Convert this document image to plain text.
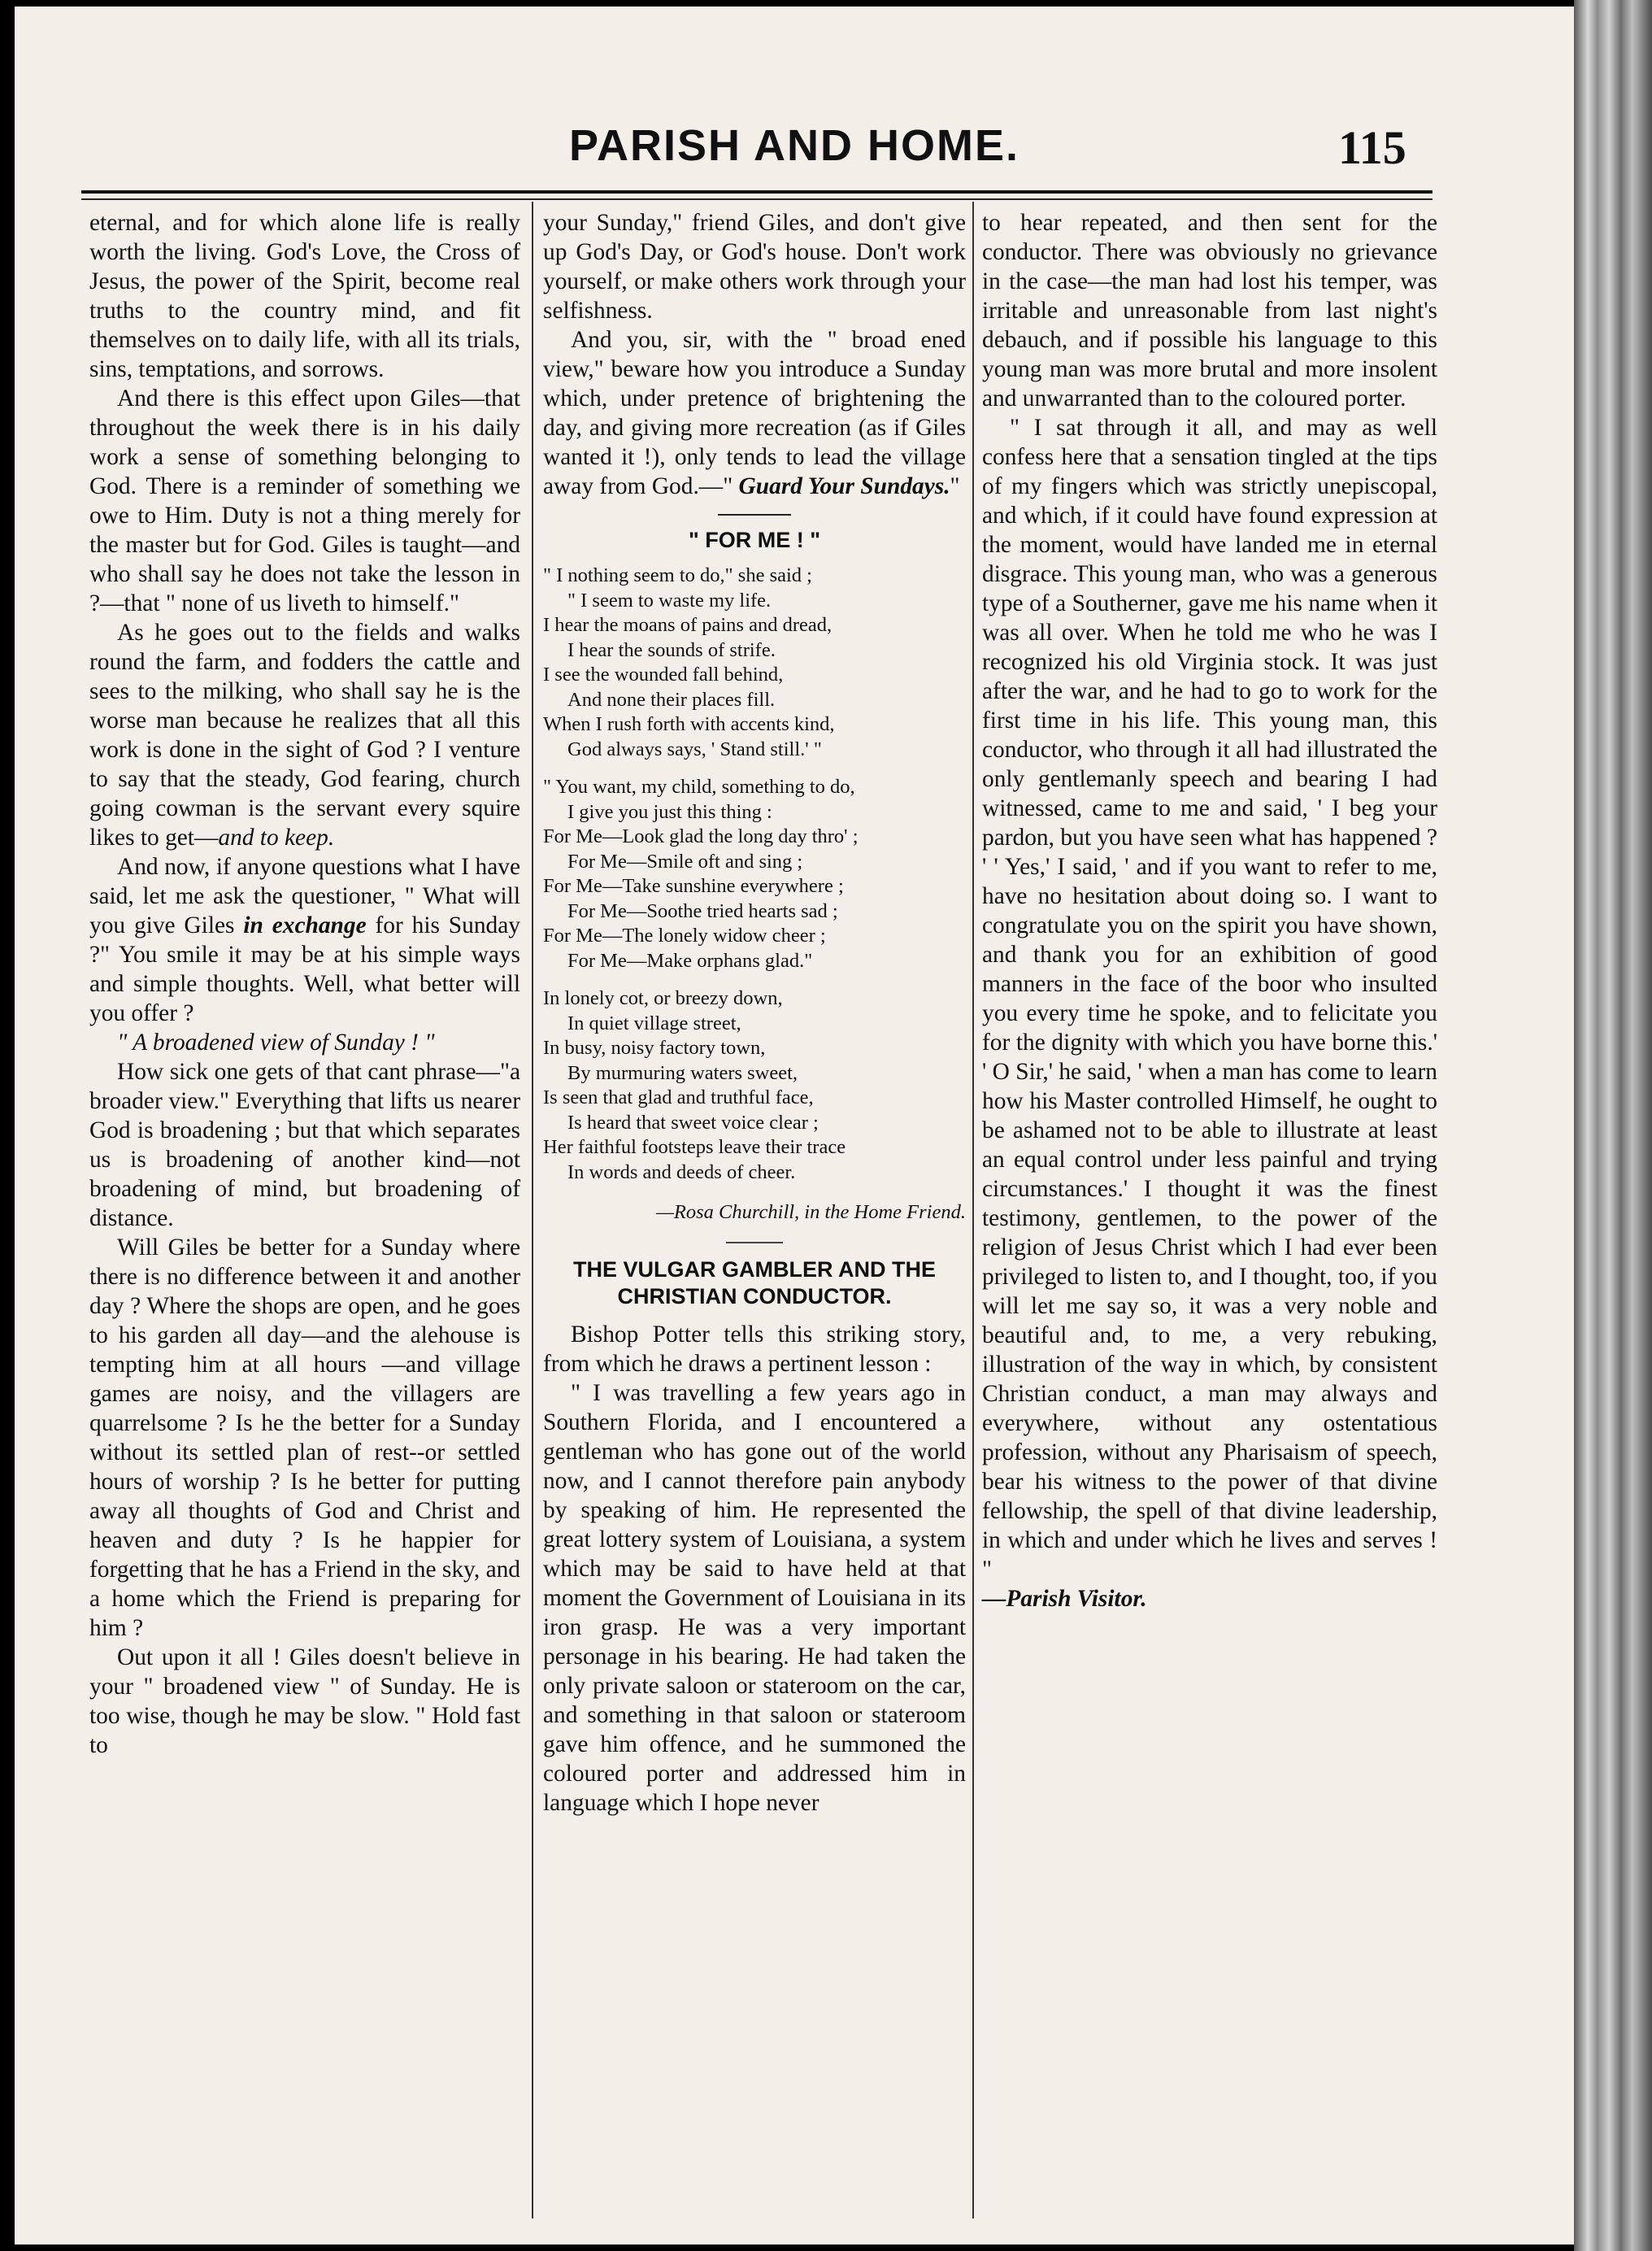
PARISH AND HOME.	115

eternal, and for which alone life is really worth the living. God's Love, the Cross of Jesus, the power of the Spirit, become real truths to the country mind, and fit themselves on to daily life, with all its trials, sins, temptations, and sorrows.

And there is this effect upon Giles—that throughout the week there is in his daily work a sense of something belonging to God. There is a reminder of something we owe to Him. Duty is not a thing merely for the master but for God. Giles is taught—and who shall say he does not take the lesson in ?—that " none of us liveth to himself."

As he goes out to the fields and walks round the farm, and fodders the cattle and sees to the milking, who shall say he is the worse man because he realizes that all this work is done in the sight of God ? I venture to say that the steady, God fearing, church going cowman is the servant every squire likes to get—and to keep.

And now, if anyone questions what I have said, let me ask the questioner, " What will you give Giles in exchange for his Sunday ?" You smile it may be at his simple ways and simple thoughts. Well, what better will you offer ?

" A broadened view of Sunday ! "

How sick one gets of that cant phrase—"a broader view." Everything that lifts us nearer God is broadening ; but that which separates us is broadening of another kind—not broadening of mind, but broadening of distance.

Will Giles be better for a Sunday where there is no difference between it and another day ? Where the shops are open, and he goes to his garden all day—and the alehouse is tempting him at all hours —and village games are noisy, and the villagers are quarrelsome ? Is he the better for a Sunday without its settled plan of rest--or settled hours of worship ? Is he better for putting away all thoughts of God and Christ and heaven and duty ? Is he happier for forgetting that he has a Friend in the sky, and a home which the Friend is preparing for him ?

Out upon it all ! Giles doesn't believe in your " broadened view " of Sunday. He is too wise, though he may be slow. " Hold fast to

your Sunday," friend Giles, and don't give up God's Day, or God's house. Don't work yourself, or make others work through your selfishness.

And you, sir, with the " broad ened view," beware how you introduce a Sunday which, under pretence of brightening the day, and giving more recreation (as if Giles wanted it !), only tends to lead the village away from God.—" Guard Your Sundays."

" FOR ME ! "
" I nothing seem to do," she said ;
" I seem to waste my life.
I hear the moans of pains and dread,
I hear the sounds of strife.
I see the wounded fall behind,
And none their places fill.
When I rush forth with accents kind,
God always says, ' Stand still.' "
" You want, my child, something to do,
I give you just this thing :
For Me—Look glad the long day thro' ;
For Me—Smile oft and sing ;
For Me—Take sunshine everywhere ;
For Me—Soothe tried hearts sad ;
For Me—The lonely widow cheer ;
For Me—Make orphans glad."
In lonely cot, or breezy down,
In quiet village street,
In busy, noisy factory town,
By murmuring waters sweet,
Is seen that glad and truthful face,
Is heard that sweet voice clear ;
Her faithful footsteps leave their trace
In words and deeds of cheer.
—Rosa Churchill, in the Home Friend.
THE VULGAR GAMBLER AND THE CHRISTIAN CONDUCTOR.

Bishop Potter tells this striking story, from which he draws a pertinent lesson :

" I was travelling a few years ago in Southern Florida, and I encountered a gentleman who has gone out of the world now, and I cannot therefore pain anybody by speaking of him. He represented the great lottery system of Louisiana, a system which may be said to have held at that moment the Government of Louisiana in its iron grasp. He was a very important personage in his bearing. He had taken the only private saloon or stateroom on the car, and something in that saloon or stateroom gave him offence, and he summoned the coloured porter and addressed him in language which I hope never

to hear repeated, and then sent for the conductor. There was obviously no grievance in the case—the man had lost his temper, was irritable and unreasonable from last night's debauch, and if possible his language to this young man was more brutal and more insolent and unwarranted than to the coloured porter.

" I sat through it all, and may as well confess here that a sensation tingled at the tips of my fingers which was strictly unepiscopal, and which, if it could have found expression at the moment, would have landed me in eternal disgrace. This young man, who was a generous type of a Southerner, gave me his name when it was all over. When he told me who he was I recognized his old Virginia stock. It was just after the war, and he had to go to work for the first time in his life. This young man, this conductor, who through it all had illustrated the only gentlemanly speech and bearing I had witnessed, came to me and said, ' I beg your pardon, but you have seen what has happened ? ' ' Yes,' I said, ' and if you want to refer to me, have no hesitation about doing so. I want to congratulate you on the spirit you have shown, and thank you for an exhibition of good manners in the face of the boor who insulted you every time he spoke, and to felicitate you for the dignity with which you have borne this.' ' O Sir,' he said, ' when a man has come to learn how his Master controlled Himself, he ought to be ashamed not to be able to illustrate at least an equal control under less painful and trying circumstances.' I thought it was the finest testimony, gentlemen, to the power of the religion of Jesus Christ which I had ever been privileged to listen to, and I thought, too, if you will let me say so, it was a very noble and beautiful and, to me, a very rebuking, illustration of the way in which, by consistent Christian conduct, a man may always and everywhere, without any ostentatious profession, without any Pharisaism of speech, bear his witness to the power of that divine fellowship, the spell of that divine leadership, in which and under which he lives and serves ! "

—Parish Visitor.
